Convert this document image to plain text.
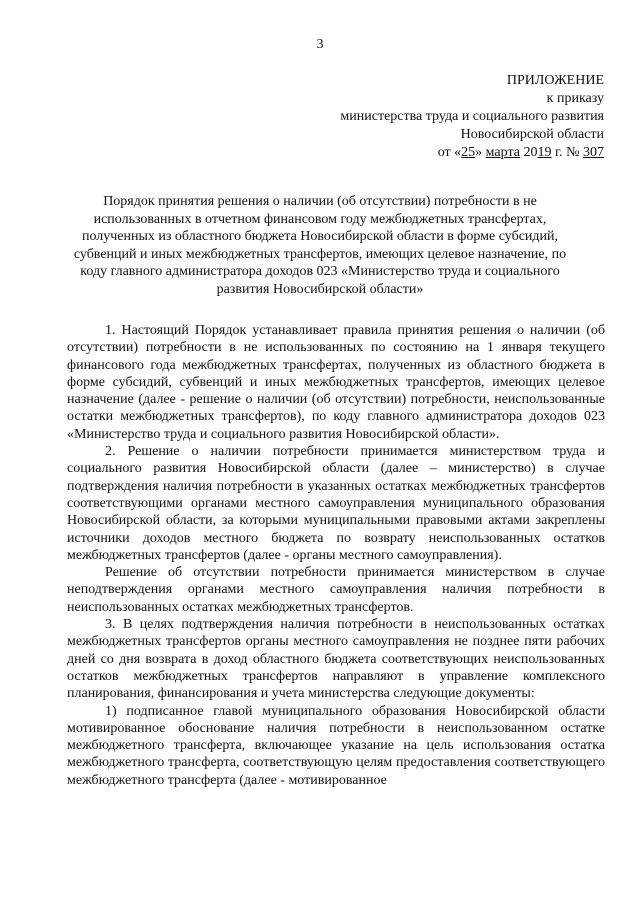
3
ПРИЛОЖЕНИЕ
к приказу
министерства труда и социального развития
Новосибирской области
от «25» марта 2019 г. № 307
Порядок принятия решения о наличии (об отсутствии) потребности в не использованных в отчетном финансовом году межбюджетных трансфертах, полученных из областного бюджета Новосибирской области в форме субсидий, субвенций и иных межбюджетных трансфертов, имеющих целевое назначение, по коду главного администратора доходов 023 «Министерство труда и социального развития Новосибирской области»

1. Настоящий Порядок устанавливает правила принятия решения о наличии (об отсутствии) потребности в не использованных по состоянию на 1 января текущего финансового года межбюджетных трансфертах, полученных из областного бюджета в форме субсидий, субвенций и иных межбюджетных трансфертов, имеющих целевое назначение (далее - решение о наличии (об отсутствии) потребности, неиспользованные остатки межбюджетных трансфертов), по коду главного администратора доходов 023 «Министерство труда и социального развития Новосибирской области».

2. Решение о наличии потребности принимается министерством труда и социального развития Новосибирской области (далее – министерство) в случае подтверждения наличия потребности в указанных остатках межбюджетных трансфертов соответствующими органами местного самоуправления муниципального образования Новосибирской области, за которыми муниципальными правовыми актами закреплены источники доходов местного бюджета по возврату неиспользованных остатков межбюджетных трансфертов (далее - органы местного самоуправления).

Решение об отсутствии потребности принимается министерством в случае неподтверждения органами местного самоуправления наличия потребности в неиспользованных остатках межбюджетных трансфертов.

3. В целях подтверждения наличия потребности в неиспользованных остатках межбюджетных трансфертов органы местного самоуправления не позднее пяти рабочих дней со дня возврата в доход областного бюджета соответствующих неиспользованных остатков межбюджетных трансфертов направляют в управление комплексного планирования, финансирования и учета министерства следующие документы:

1) подписанное главой муниципального образования Новосибирской области мотивированное обоснование наличия потребности в неиспользованном остатке межбюджетного трансферта, включающее указание на цель использования остатка межбюджетного трансферта, соответствующую целям предоставления соответствующего межбюджетного трансферта (далее - мотивированное
